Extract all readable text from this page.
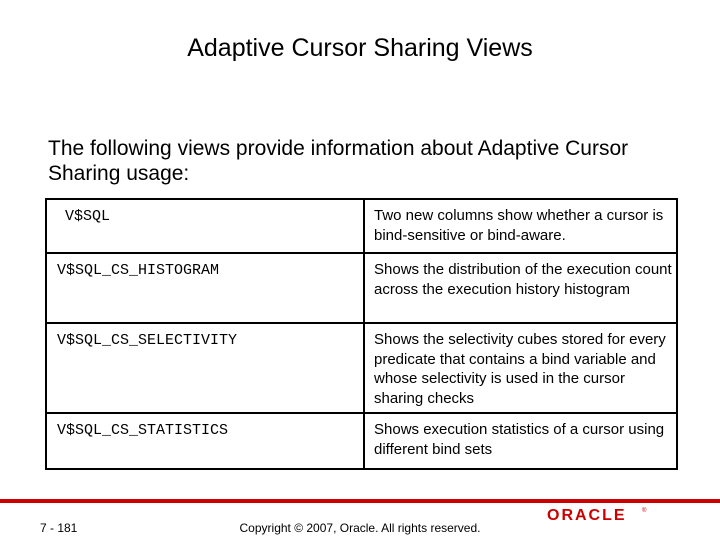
Adaptive Cursor Sharing Views
The following views provide information about Adaptive Cursor Sharing usage:
V$SQL	Two new columns show whether a cursor is bind-sensitive or bind-aware.
V$SQL_CS_HISTOGRAM	Shows the distribution of the execution count across the execution history histogram
V$SQL_CS_SELECTIVITY	Shows the selectivity cubes stored for every predicate that contains a bind variable and whose selectivity is used in the cursor sharing checks
V$SQL_CS_STATISTICS	Shows execution statistics of a cursor using different bind sets
ORACLE	®
7 - 181	Copyright © 2007, Oracle. All rights reserved.
